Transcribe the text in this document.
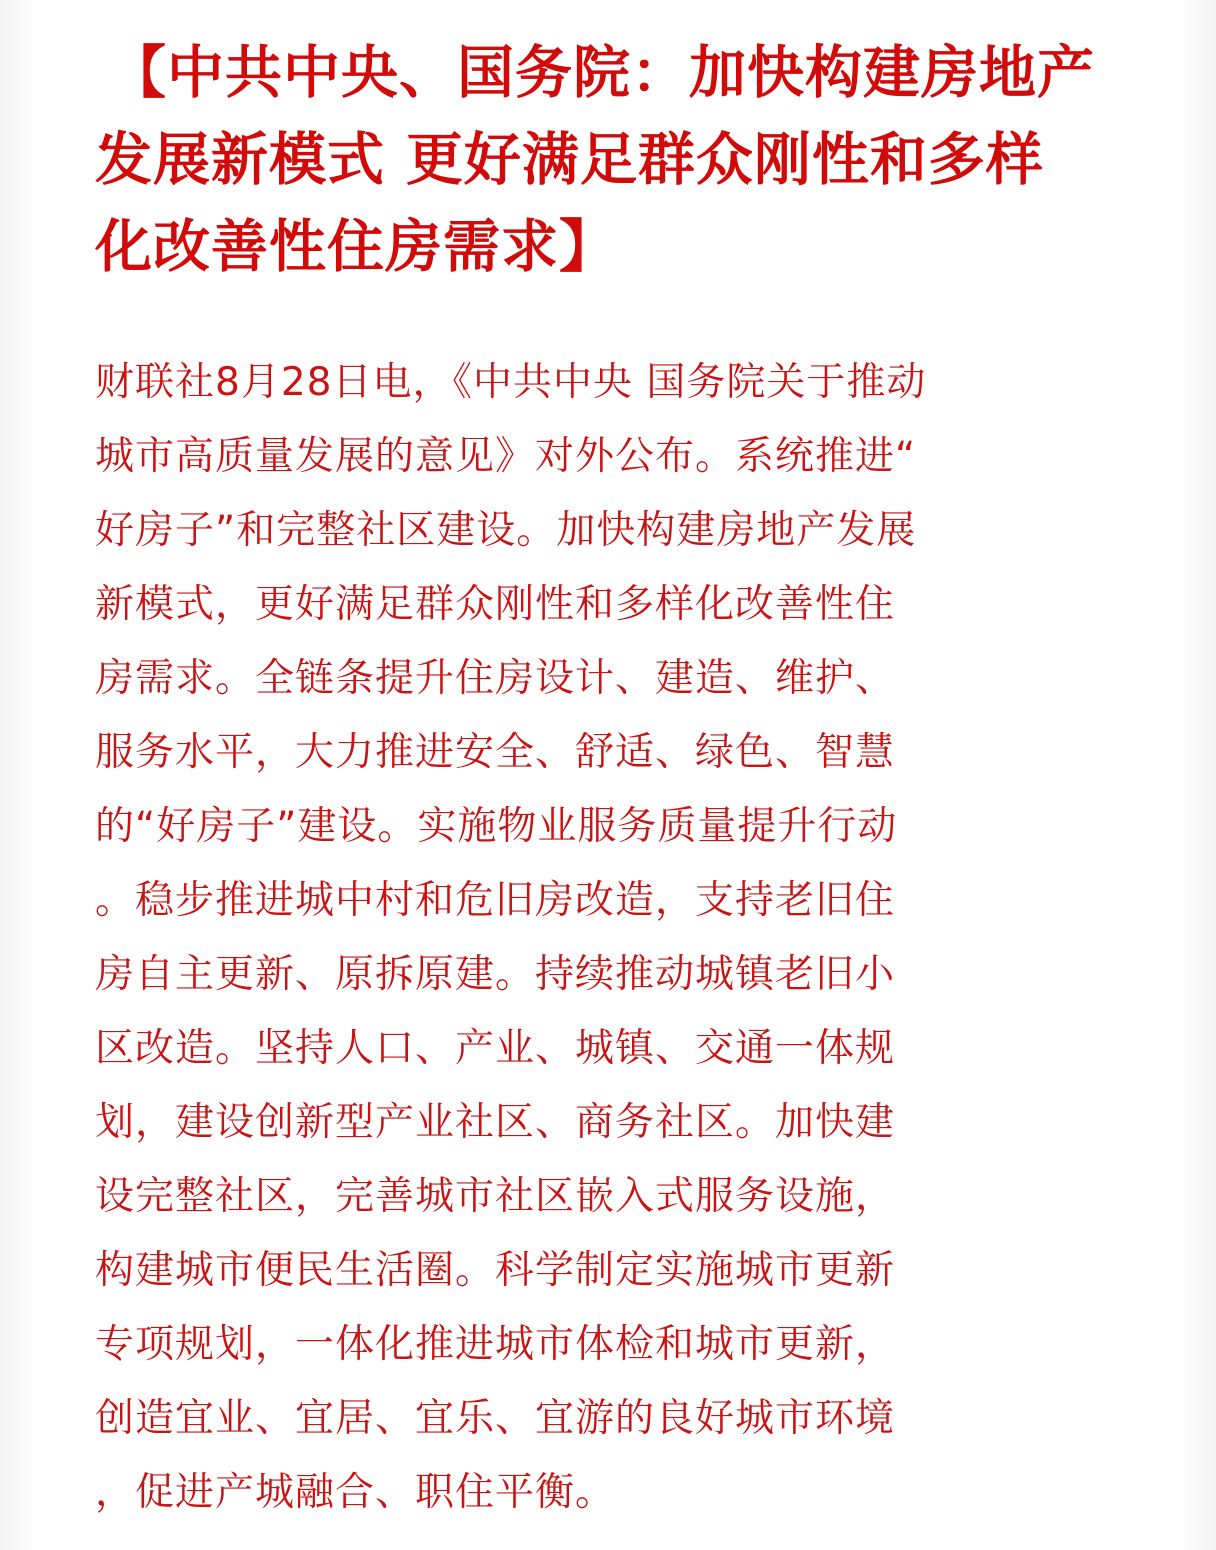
【中共中央、国务院：加快构建房地产发展新模式 更好满足群众刚性和多样化改善性住房需求】
财联社8月28日电，《中共中央 国务院关于推动
城市高质量发展的意见》对外公布。系统推进“
好房子”和完整社区建设。加快构建房地产发展
新模式，更好满足群众刚性和多样化改善性住
房需求。全链条提升住房设计、建造、维护、
服务水平，大力推进安全、舒适、绿色、智慧
的“好房子”建设。实施物业服务质量提升行动
。稳步推进城中村和危旧房改造，支持老旧住
房自主更新、原拆原建。持续推动城镇老旧小
区改造。坚持人口、产业、城镇、交通一体规
划，建设创新型产业社区、商务社区。加快建
设完整社区，完善城市社区嵌入式服务设施，
构建城市便民生活圈。科学制定实施城市更新
专项规划，一体化推进城市体检和城市更新，
创造宜业、宜居、宜乐、宜游的良好城市环境
，促进产城融合、职住平衡。
